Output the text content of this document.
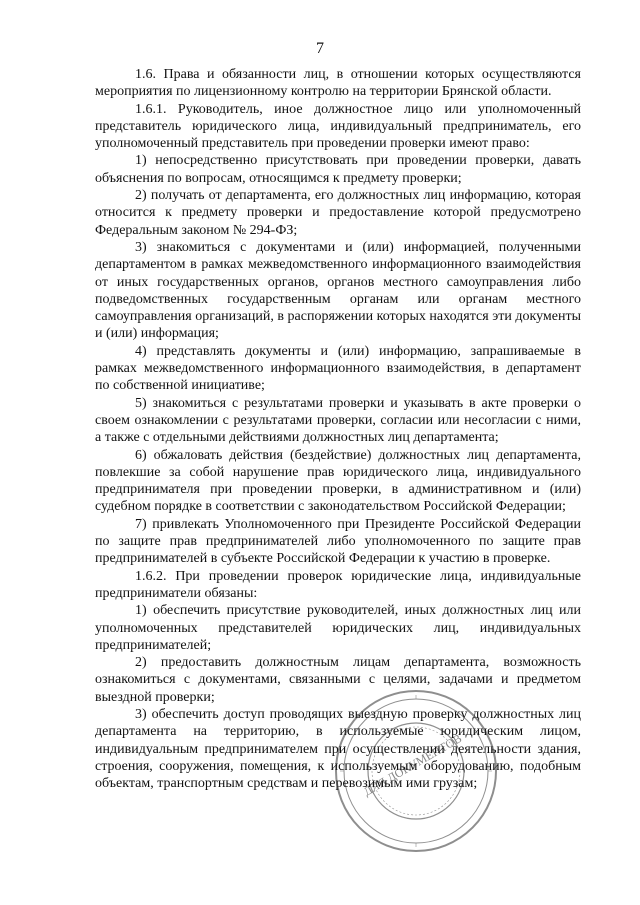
7

1.6. Права и обязанности лиц, в отношении которых осуществляются мероприятия по лицензионному контролю на территории Брянской области.

1.6.1. Руководитель, иное должностное лицо или уполномоченный представитель юридического лица, индивидуальный предприниматель, его уполномоченный представитель при проведении проверки имеют право:

1) непосредственно присутствовать при проведении проверки, давать объяснения по вопросам, относящимся к предмету проверки;

2) получать от департамента, его должностных лиц информацию, которая относится к предмету проверки и предоставление которой предусмотрено Федеральным законом № 294-ФЗ;

3) знакомиться с документами и (или) информацией, полученными департаментом в рамках межведомственного информационного взаимодействия от иных государственных органов, органов местного самоуправления либо подведомственных государственным органам или органам местного самоуправления организаций, в распоряжении которых находятся эти документы и (или) информация;

4) представлять документы и (или) информацию, запрашиваемые в рамках межведомственного информационного взаимодействия, в департамент по собственной инициативе;

5) знакомиться с результатами проверки и указывать в акте проверки о своем ознакомлении с результатами проверки, согласии или несогласии с ними, а также с отдельными действиями должностных лиц департамента;

6) обжаловать действия (бездействие) должностных лиц департамента, повлекшие за собой нарушение прав юридического лица, индивидуального предпринимателя при проведении проверки, в административном и (или) судебном порядке в соответствии с законодательством Российской Федерации;

7) привлекать Уполномоченного при Президенте Российской Федерации по защите прав предпринимателей либо уполномоченного по защите прав предпринимателей в субъекте Российской Федерации к участию в проверке.

1.6.2. При проведении проверок юридические лица, индивидуальные предприниматели обязаны:

1) обеспечить присутствие руководителей, иных должностных лиц или уполномоченных представителей юридических лиц, индивидуальных предпринимателей;

2) предоставить должностным лицам департамента, возможность ознакомиться с документами, связанными с целями, задачами и предметом выездной проверки;

3) обеспечить доступ проводящих выездную проверку должностных лиц департамента на территорию, в используемые юридическим лицом, индивидуальным предпринимателем при осуществлении деятельности здания, строения, сооружения, помещения, к используемым оборудованию, подобным объектам, транспортным средствам и перевозимым ими грузам;

ДЛЯ ДОКУМЕНТОВ
